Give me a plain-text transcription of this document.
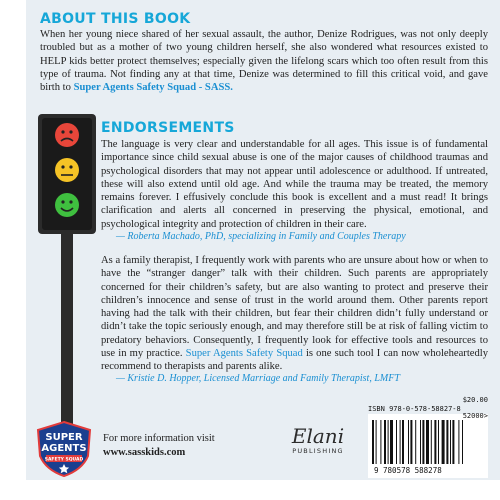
ABOUT THIS BOOK

When her young niece shared of her sexual assault, the author, Denize Rodrigues, was not only deeply troubled but as a mother of two young children herself, she also wondered what resources existed to HELP kids better protect themselves; especially given the lifelong scars which too often result from this type of trauma. Not finding any at that time, Denize was determined to fill this critical void, and gave birth to Super Agents Safety Squad - SASS.

ENDORSEMENTS

The language is very clear and understandable for all ages. This issue is of fundamental importance since child sexual abuse is one of the major causes of childhood traumas and psychological disorders that may not appear until adolescence or adulthood. If untreated, these will also extend until old age. And while the trauma may be treated, the memory remains forever. I effusively conclude this book is excellent and a must read! It brings clarification and alerts all concerned in preserving the physical, emotional, and psychological integrity and protection of children in their care.

— Roberta Machado, PhD, specializing in Family and Couples Therapy

As a family therapist, I frequently work with parents who are unsure about how or when to have the “stranger danger” talk with their children. Such parents are appropriately concerned for their children’s safety, but are also wanting to protect and preserve their children’s innocence and sense of trust in the world around them. Other parents report having had the talk with their children, but fear their children didn’t fully understand or didn’t take the topic seriously enough, and may therefore still be at risk of falling victim to predatory behaviors. Consequently, I frequently look for effective tools and resources to use in my practice. Super Agents Safety Squad is one such tool I can now wholeheartedly recommend to therapists and parents alike.

— Kristie D. Hopper, Licensed Marriage and Family Therapist, LMFT
SUPER
AGENTS
SAFETY SQUAD
For more information visit
www.sasskids.com
Elani
PUBLISHING
ISBN 978-0-578-58827-8
$20.00
52000>
9 780578 588278
